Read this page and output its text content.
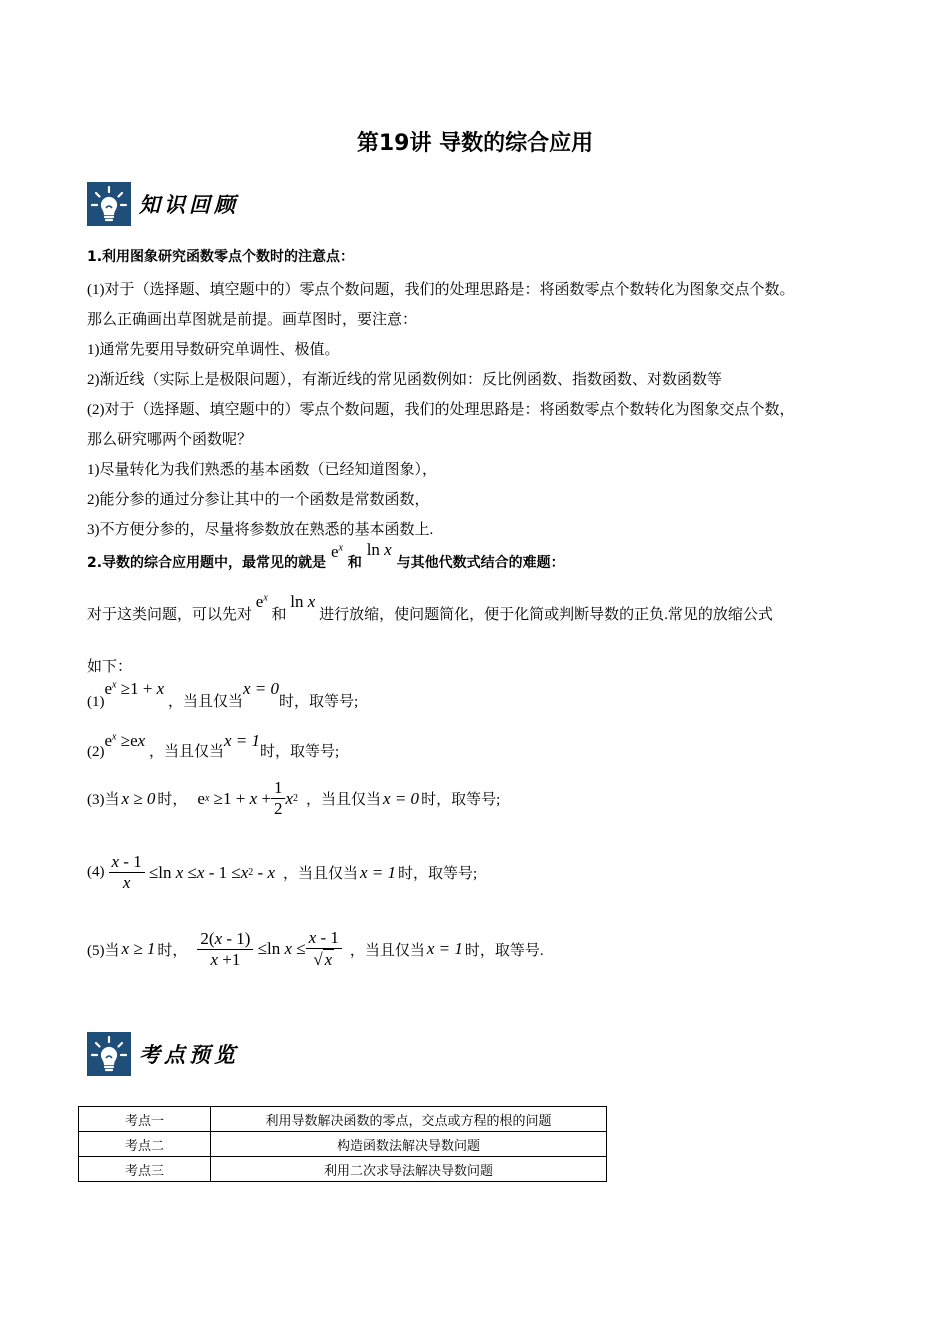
第19讲 导数的综合应用
知识回顾
1.利用图象研究函数零点个数时的注意点：
(1)对于（选择题、填空题中的）零点个数问题，我们的处理思路是：将函数零点个数转化为图象交点个数。
那么正确画出草图就是前提。画草图时，要注意：
1)通常先要用导数研究单调性、极值。
2)渐近线（实际上是极限问题），有渐近线的常见函数例如：反比例函数、指数函数、对数函数等
(2)对于（选择题、填空题中的）零点个数问题，我们的处理思路是：将函数零点个数转化为图象交点个数，
那么研究哪两个函数呢？
1)尽量转化为我们熟悉的基本函数（已经知道图象），
2)能分参的通过分参让其中的一个函数是常数函数，
3)不方便分参的，尽量将参数放在熟悉的基本函数上.
2.导数的综合应用题中，最常见的就是 $e^x$ 和 ln x 与其他代数式结合的难题：
对于这类问题，可以先对 $e^x$ 和 ln x 进行放缩，使问题简化，便于化简或判断导数的正负.常见的放缩公式
如下：
$(1)e^x \ge 1 + x$ ，当且仅当x = 0时，取等号;
$(2)e^x \ge ex$ ，当且仅当x = 1时，取等号;
(3)当 x ≥ 0 时， e $x \ge 1 + x + \frac{1}{2}$ x 2 ，当且仅当 x = 0 时，取等号;
$(4) \frac{x - 1}{x} \le\ln$ x ≤ x - 1 ≤ x 2 - x ，当且仅当 x = 1 时，取等号;
(5)当 x ≥ 1 时， $\frac{2(x - 1)}{x +1} \le\ln$ $x \le \frac{x - 1}{√ x}$ ，当且仅当 x = 1 时，取等号.
考点预览
考点一	利用导数解决函数的零点，交点或方程的根的问题
考点二	构造函数法解决导数问题
考点三	利用二次求导法解决导数问题
